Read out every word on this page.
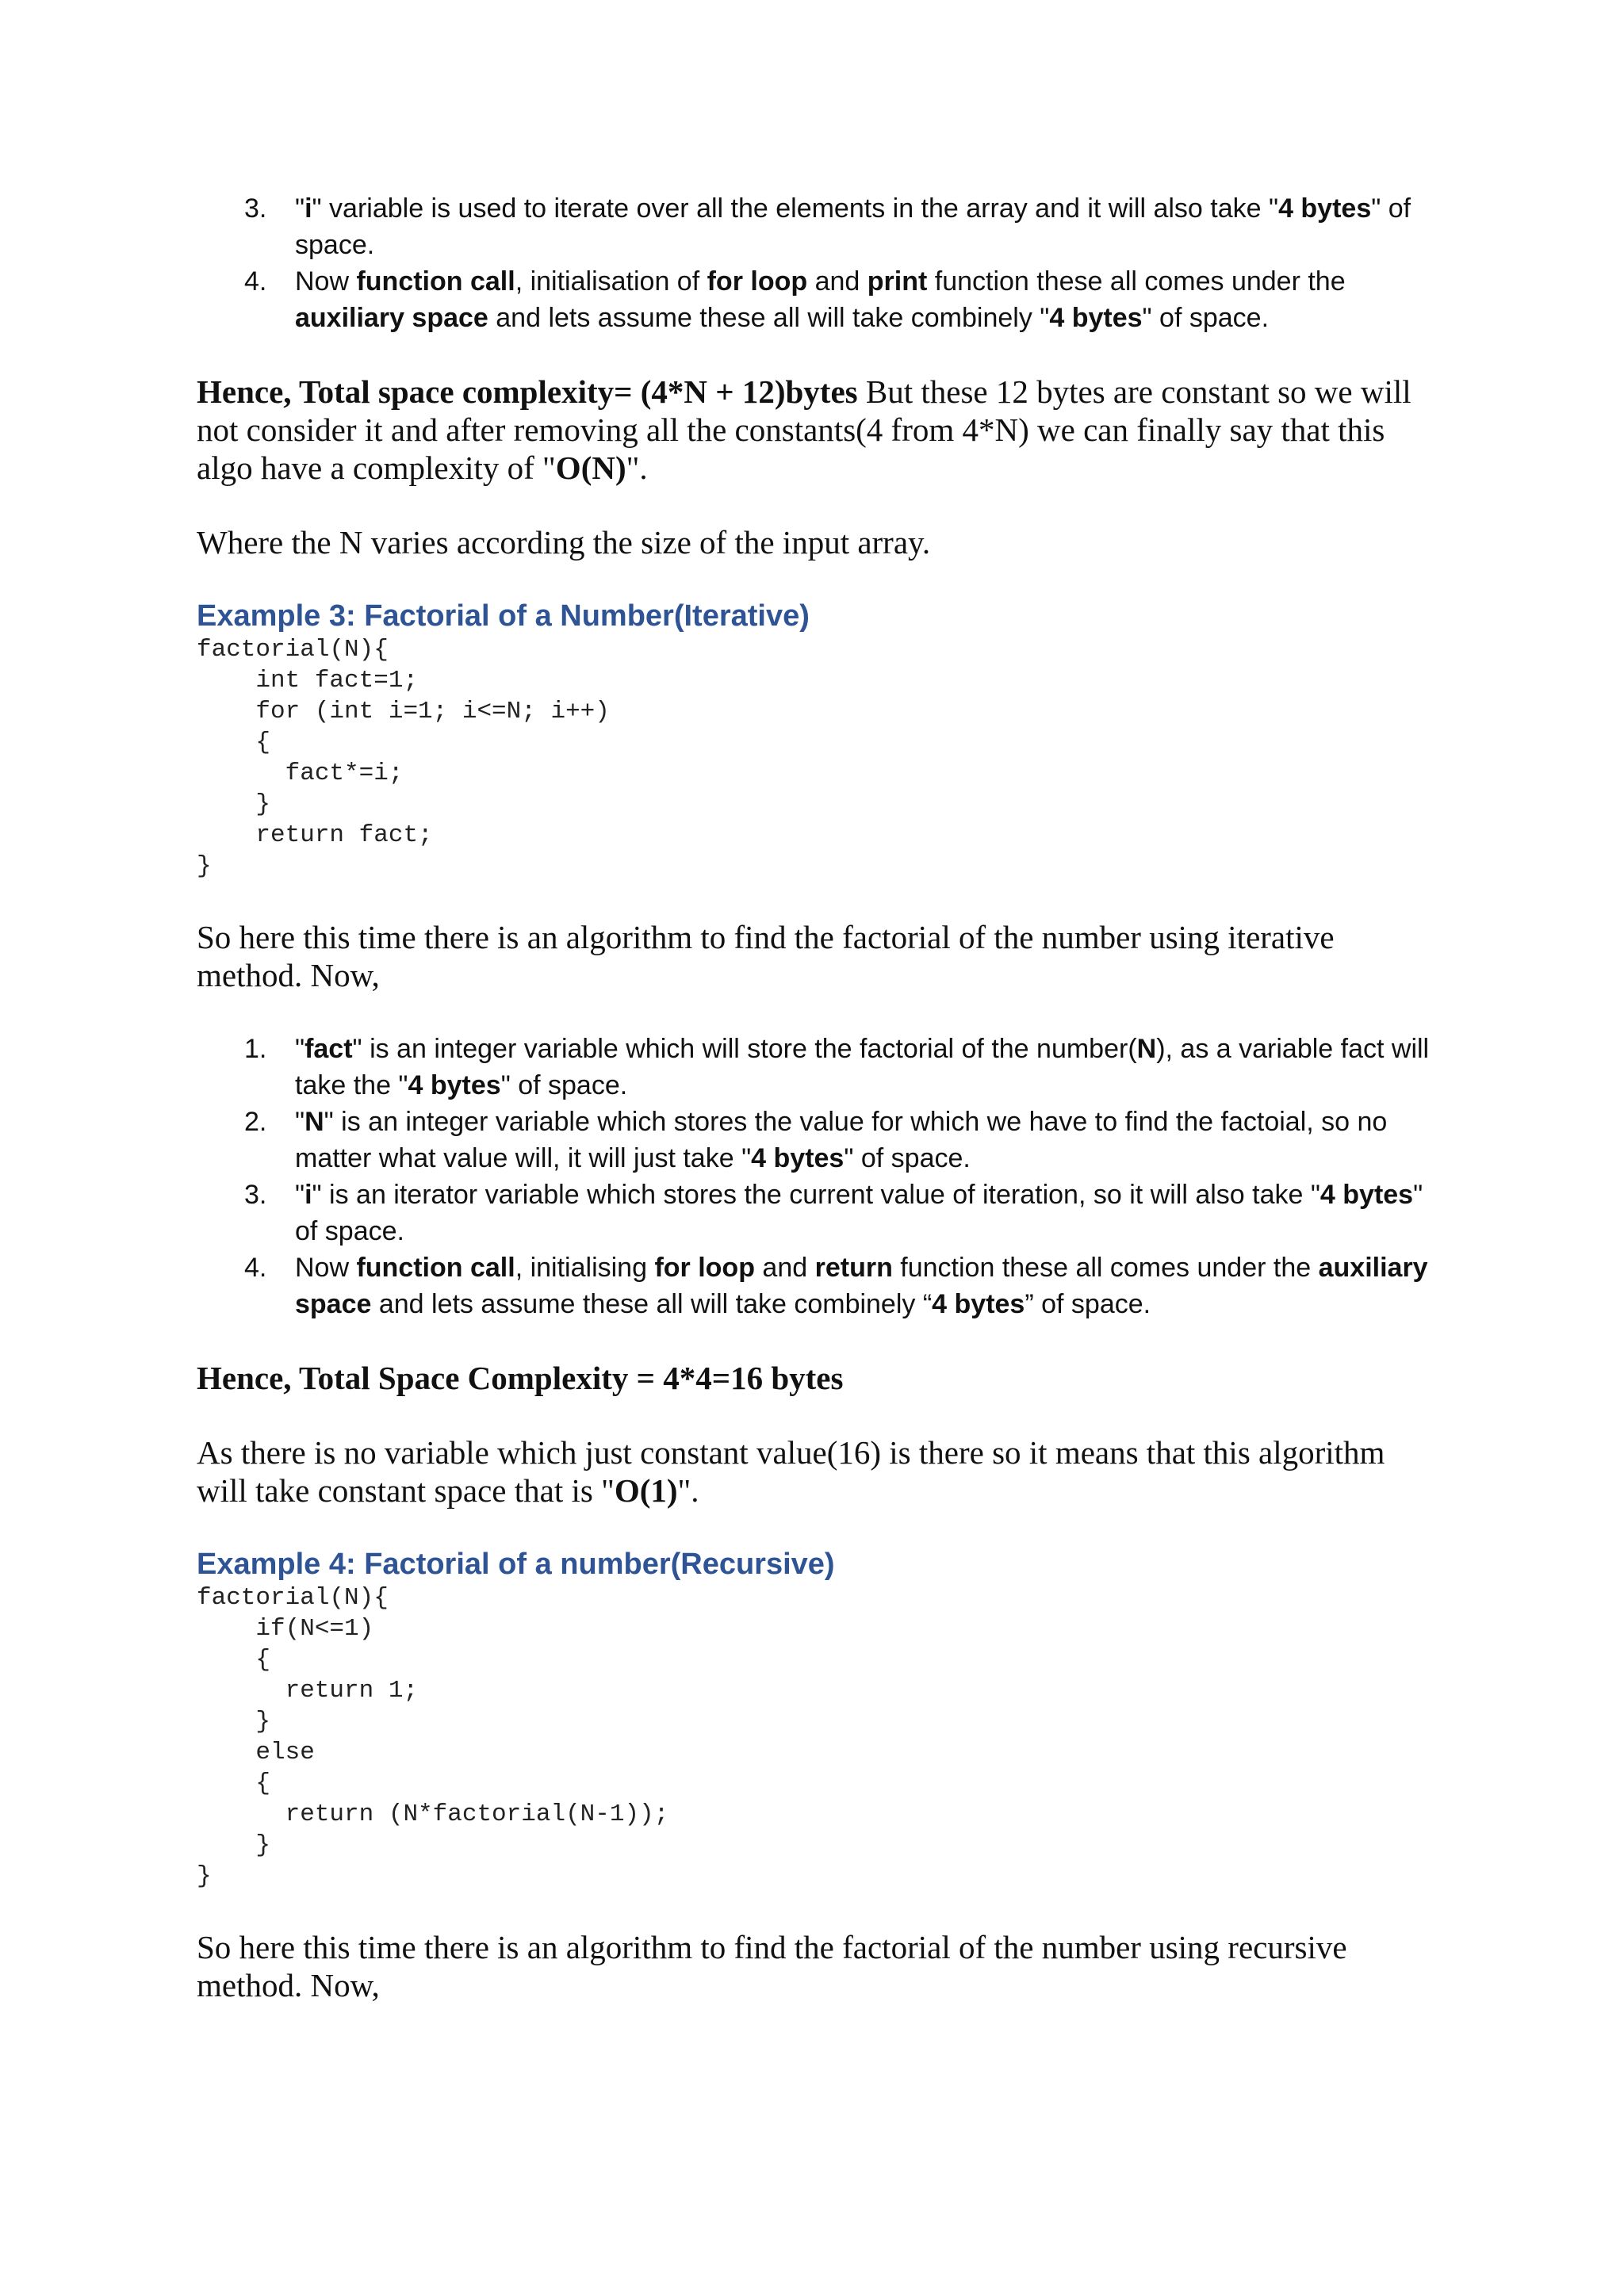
3. "i" variable is used to iterate over all the elements in the array and it will also take "4 bytes" of space.
4. Now function call, initialisation of for loop and print function these all comes under the auxiliary space and lets assume these all will take combinely "4 bytes" of space.

Hence, Total space complexity= (4*N + 12)bytes But these 12 bytes are constant so we will not consider it and after removing all the constants(4 from 4*N) we can finally say that this algo have a complexity of "O(N)".

Where the N varies according the size of the input array.

Example 3: Factorial of a Number(Iterative)
factorial(N){
int fact=1;
for (int i=1; i<=N; i++)
{
fact*=i;
}
return fact;
}

So here this time there is an algorithm to find the factorial of the number using iterative method. Now,

1. "fact" is an integer variable which will store the factorial of the number(N), as a variable fact will take the "4 bytes" of space.
2. "N" is an integer variable which stores the value for which we have to find the factoial, so no matter what value will, it will just take "4 bytes" of space.
3. "i" is an iterator variable which stores the current value of iteration, so it will also take "4 bytes" of space.
4. Now function call, initialising for loop and return function these all comes under the auxiliary space and lets assume these all will take combinely “4 bytes” of space.

Hence, Total Space Complexity = 4*4=16 bytes

As there is no variable which just constant value(16) is there so it means that this algorithm will take constant space that is "O(1)".

Example 4: Factorial of a number(Recursive)
factorial(N){
if(N<=1)
{
return 1;
}
else
{
return (N*factorial(N-1));
}
}

So here this time there is an algorithm to find the factorial of the number using recursive method. Now,
